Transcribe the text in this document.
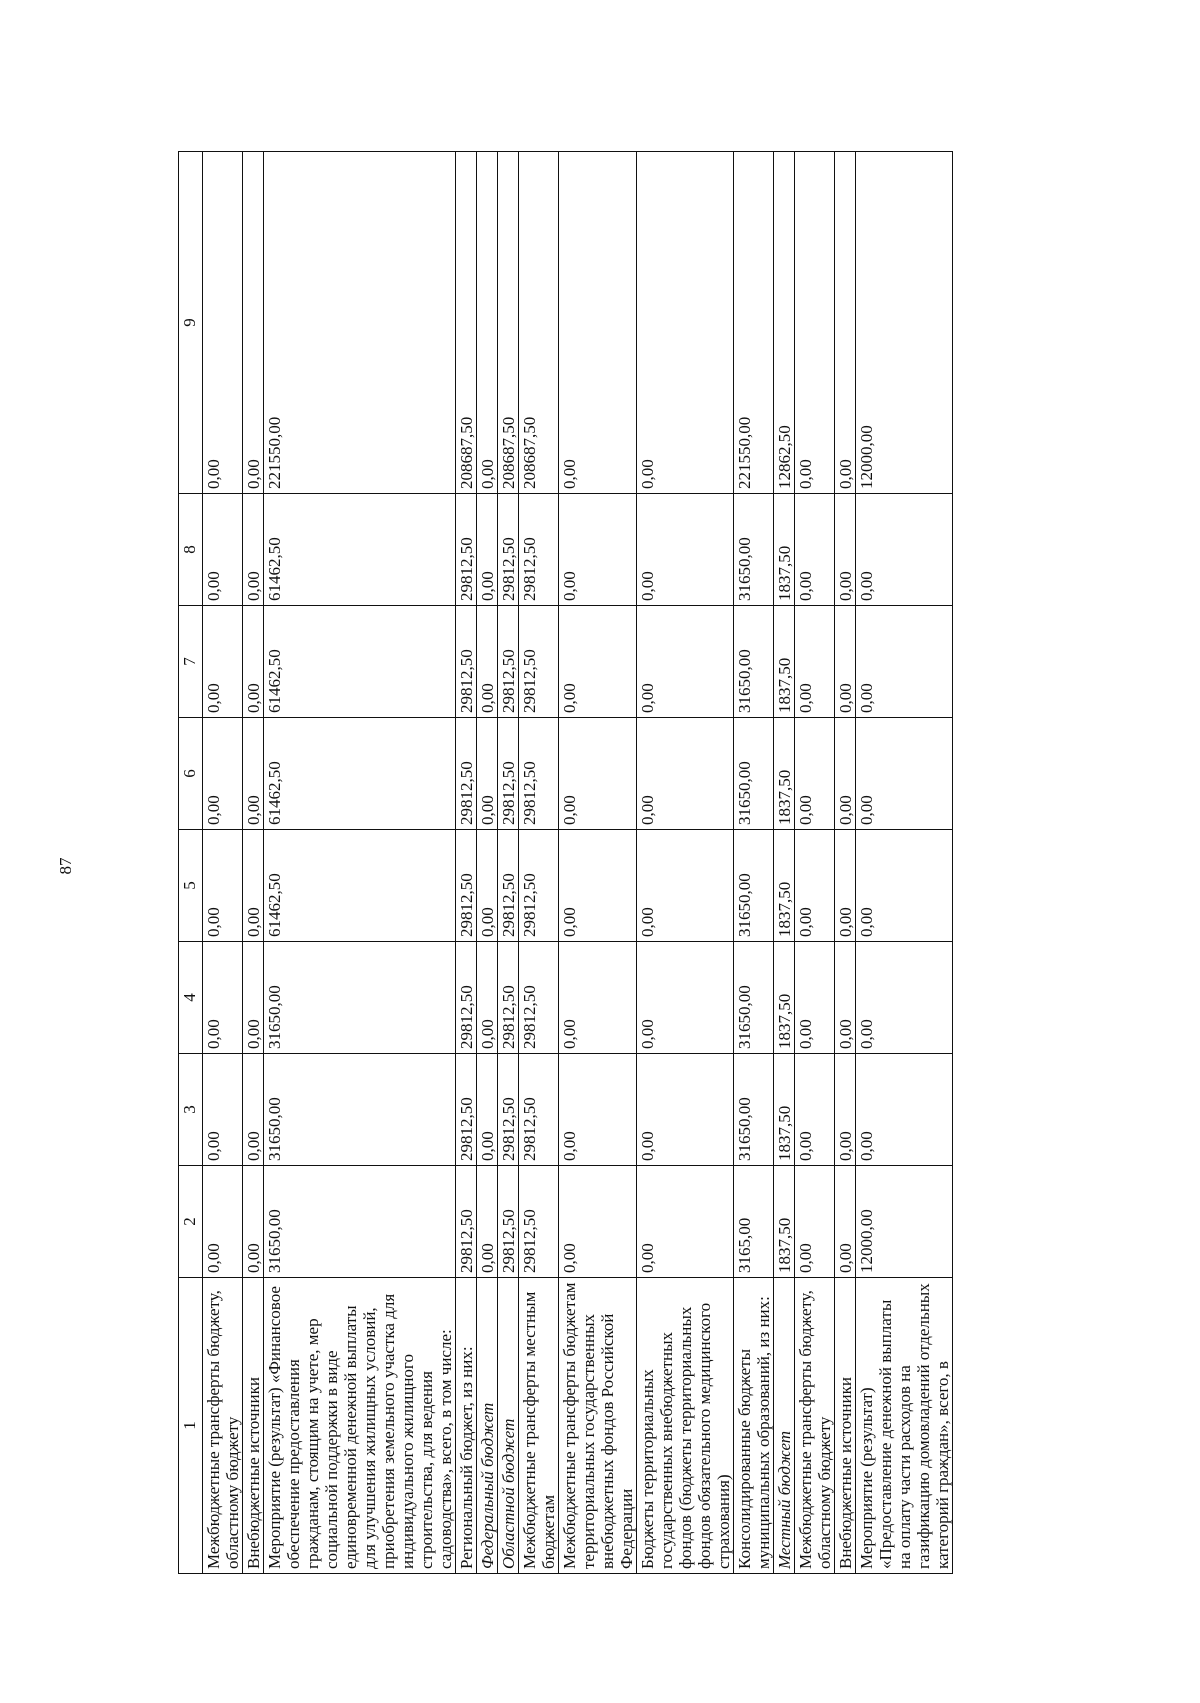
87
1	2	3	4	5	6	7	8	9
Межбюджетные трансферты бюджету, областному бюджету	0,00	0,00	0,00	0,00	0,00	0,00	0,00	0,00
Внебюджетные источники	0,00	0,00	0,00	0,00	0,00	0,00	0,00	0,00
Мероприятие (результат) «Финансовое обеспечение предоставления гражданам, стоящим на учете, мер социальной поддержки в виде единовременной денежной выплаты для улучшения жилищных условий, приобретения земельного участка для индивидуального жилищного строительства, для ведения садоводства», всего, в том числе:	31650,00	31650,00	31650,00	61462,50	61462,50	61462,50	61462,50	221550,00
Региональный бюджет, из них:	29812,50	29812,50	29812,50	29812,50	29812,50	29812,50	29812,50	208687,50
Федеральный бюджет	0,00	0,00	0,00	0,00	0,00	0,00	0,00	0,00
Областной бюджет	29812,50	29812,50	29812,50	29812,50	29812,50	29812,50	29812,50	208687,50
Межбюджетные трансферты местным бюджетам	29812,50	29812,50	29812,50	29812,50	29812,50	29812,50	29812,50	208687,50
Межбюджетные трансферты бюджетам территориальных государственных внебюджетных фондов Российской Федерации	0,00	0,00	0,00	0,00	0,00	0,00	0,00	0,00
Бюджеты территориальных государственных внебюджетных фондов (бюджеты территориальных фондов обязательного медицинского страхования)	0,00	0,00	0,00	0,00	0,00	0,00	0,00	0,00
Консолидированные бюджеты муниципальных образований, из них:	3165,00	31650,00	31650,00	31650,00	31650,00	31650,00	31650,00	221550,00
Местный бюджет	1837,50	1837,50	1837,50	1837,50	1837,50	1837,50	1837,50	12862,50
Межбюджетные трансферты бюджету, областному бюджету	0,00	0,00	0,00	0,00	0,00	0,00	0,00	0,00
Внебюджетные источники	0,00	0,00	0,00	0,00	0,00	0,00	0,00	0,00
Мероприятие (результат) «Предоставление денежной выплаты на оплату части расходов на газификацию домовладений отдельных категорий граждан», всего, в	12000,00	0,00	0,00	0,00	0,00	0,00	0,00	12000,00
